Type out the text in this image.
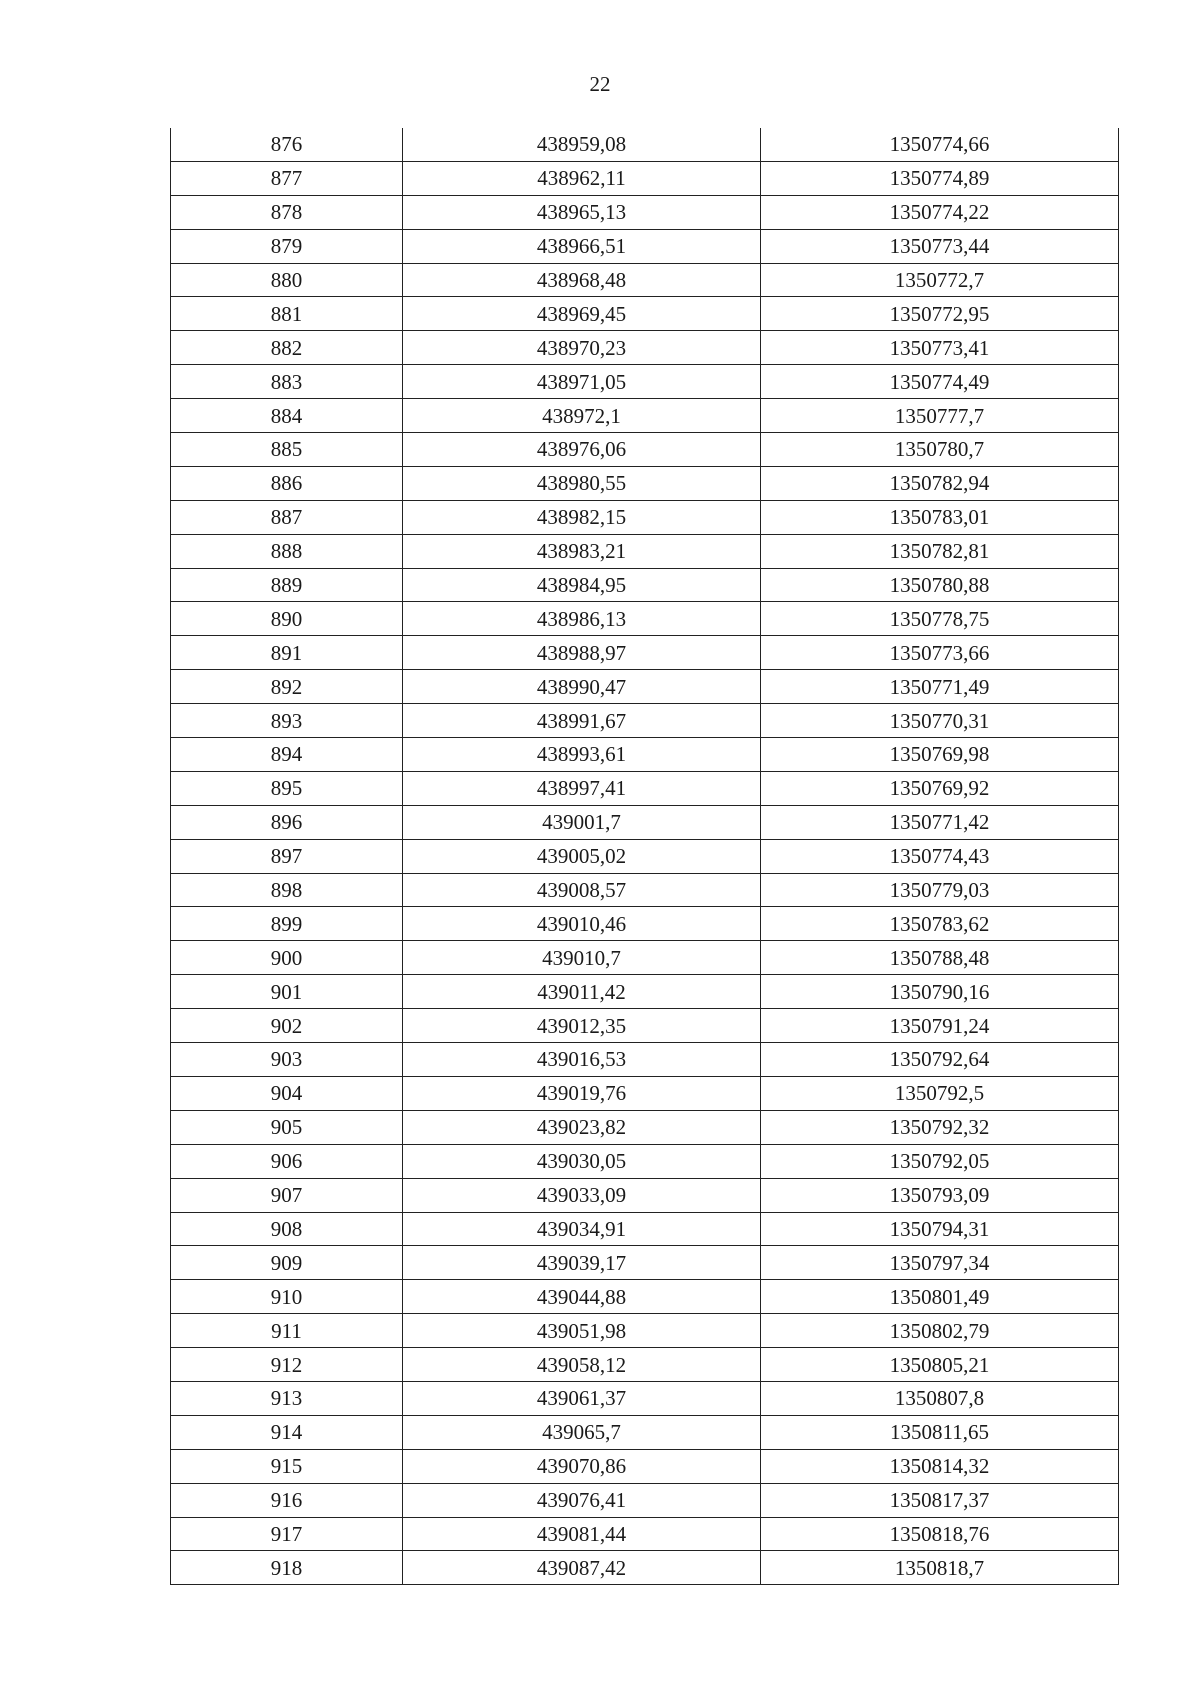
22
876	438959,08	1350774,66
877	438962,11	1350774,89
878	438965,13	1350774,22
879	438966,51	1350773,44
880	438968,48	1350772,7
881	438969,45	1350772,95
882	438970,23	1350773,41
883	438971,05	1350774,49
884	438972,1	1350777,7
885	438976,06	1350780,7
886	438980,55	1350782,94
887	438982,15	1350783,01
888	438983,21	1350782,81
889	438984,95	1350780,88
890	438986,13	1350778,75
891	438988,97	1350773,66
892	438990,47	1350771,49
893	438991,67	1350770,31
894	438993,61	1350769,98
895	438997,41	1350769,92
896	439001,7	1350771,42
897	439005,02	1350774,43
898	439008,57	1350779,03
899	439010,46	1350783,62
900	439010,7	1350788,48
901	439011,42	1350790,16
902	439012,35	1350791,24
903	439016,53	1350792,64
904	439019,76	1350792,5
905	439023,82	1350792,32
906	439030,05	1350792,05
907	439033,09	1350793,09
908	439034,91	1350794,31
909	439039,17	1350797,34
910	439044,88	1350801,49
911	439051,98	1350802,79
912	439058,12	1350805,21
913	439061,37	1350807,8
914	439065,7	1350811,65
915	439070,86	1350814,32
916	439076,41	1350817,37
917	439081,44	1350818,76
918	439087,42	1350818,7
